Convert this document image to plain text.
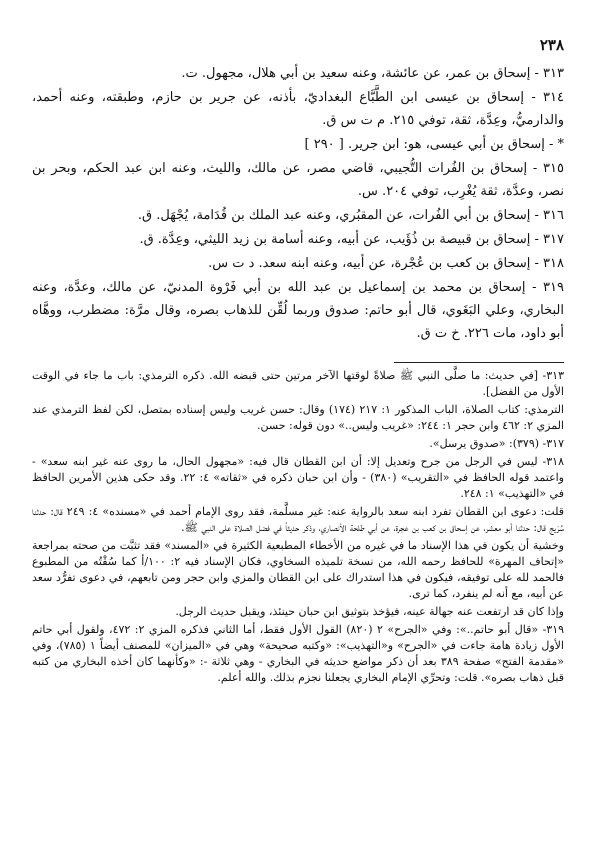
٢٣٨

٣١٣ - إسحاق بن عمر، عن عائشة، وعنه سعيد بن أبي هلال، مجهول. ت.

٣١٤ - إسحاق بن عيسى ابن الطَّبَّاع البغداديّ، بأذنه، عن جرير بن حازم، وطبقته، وعنه أحمد، والدارميُّ، وعِدَّة، ثقة، توفي ٢١٥. م ت س ق.

* - إسحاق بن أبي عيسى، هو: ابن جرير. [ ٢٩٠ ]

٣١٥ - إسحاق بن الفُرات التُّجيبي، قاضي مصر، عن مالك، والليث، وعنه ابن عبد الحكم، وبحر بن نصر، وعدَّة، ثقة يُغْرِب، توفي ٢٠٤. س.

٣١٦ - إسحاق بن أبي الفُرات، عن المقبُري، وعنه عبد الملك بن قُدَامة، يُجْهَل. ق.

٣١٧ - إسحاق بن قبيصة بن ذُؤَيب، عن أبيه، وعنه أسامة بن زيد الليثي، وعِدَّة. ق.

٣١٨ - إسحاق بن كعب بن عُجْرة، عن أبيه، وعنه ابنه سعد. د ت س.

٣١٩ - إسحاق بن محمد بن إسماعيل بن عبد الله بن أبي فَرْوة المدنيّ، عن مالك، وعدَّة، وعنه البخاري، وعلي البَغَوي، قال أبو حاتم: صدوق وربما لُقِّن للذهاب بصره، وقال مرَّة: مضطرب، ووهَّاه أبو داود، مات ٢٢٦. خ ت ق.

٣١٣- [في حديث: ما صلَّى النبي ﷺ صلاةً لوقتها الآخر مرتين حتى قبضه الله. ذكره الترمذي: باب ما جاء في الوقت الأول من الفضل].

الترمذي: كتاب الصلاة، الباب المذكور ١: ٢١٧ (١٧٤) وقال: حسن غريب وليس إسناده بمتصل، لكن لفظ الترمذي عند المزي ٢: ٤٦٢ وابن حجر ١: ٢٤٤: «غريب وليس..» دون قوله: حسن.

٣١٧- (٣٧٩): «صدوق يرسل».

٣١٨- ليس في الرجل من جرح وتعديل إلا: أن ابن القطان قال فيه: «مجهول الحال، ما روى عنه غير ابنه سعد» - واعتمد قوله الحافظ في «التقريب» (٣٨٠) - وأن ابن حبان ذكره في «ثقاته» ٤: ٢٢. وقد حكى هذين الأمرين الحافظ في «التهذيب» ١: ٢٤٨.

قلت: دعوى ابن القطان تفرد ابنه سعد بالرواية عنه: غير مسلَّمة، فقد روى الإمام أحمد في «مسنده» ٤: ٢٤٩ قال: حدثنا سُرَيج قال: حدثنا أبو معشر، عن إسحاق بن كعب بن عجرة، عن أبي طلحة الأنصاري، وذكر حديثاً في فضل الصلاة على النبي ﷺ.

وخشية أن يكون في هذا الإسناد ما في غيره من الأخطاء المطبعية الكثيرة في «المسند» فقد تثبَّت من صحته بمراجعة «إتحاف المهرة» للحافظ رحمه الله، من نسخة تلميذه السخاوي، فكان الإسناد فيه ٢: ١٠٠/أ كما سُقْتُه من المطبوع فالحمد لله على توفيقه، فيكون في هذا استدراك على ابن القطان والمزي وابن حجر ومن تابعهم، في دعوى تفرُّد سعد عن أبيه، مع أنه لم ينفرد، كما ترى.

وإذا كان قد ارتفعت عنه جهالة عينه، فيؤخذ بتوثيق ابن حبان حينئذ، ويقبل حديث الرجل.

٣١٩- «قال أبو حاتم..»: وفي «الجرح» ٢ (٨٢٠) القول الأول فقط، أما الثاني فذكره المزي ٢: ٤٧٢، ولقول أبي حاتم الأول زيادة هامة جاءت في «الجرح» و«التهذيب»: «وكتبه صحيحة» وهي في «الميزان» للمصنف أيضاً ١ (٧٨٥)، وفي «مقدمة الفتح» صفحة ٣٨٩ بعد أن ذكر مواضع حديثه في البخاري - وهي ثلاثة -: «وكأنهما كان أخذه البخاري من كتبه قبل ذهاب بصره». قلت: وتحرِّي الإمام البخاري يجعلنا نجزم بذلك. والله أعلم.
